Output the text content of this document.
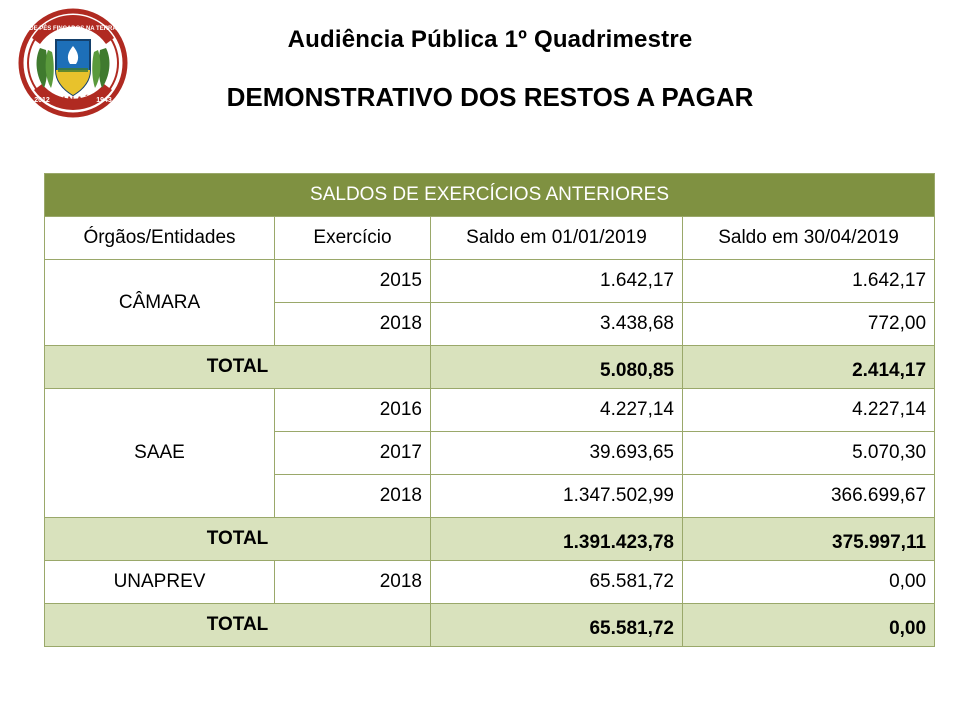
U N A Í
2012	1943
DE PÉS FINCADOS NA TERRA	Audiência Pública 1º Quadrimestre
DEMONSTRATIVO DOS RESTOS A PAGAR
SALDOS DE EXERCÍCIOS ANTERIORES			
Órgãos/Entidades	Exercício	Saldo em 01/01/2019	Saldo em 30/04/2019
CÂMARA	2015	1.642,17	1.642,17
	2018	3.438,68	772,00
TOTAL		5.080,85	2.414,17
SAAE	2016	4.227,14	4.227,14
	2017	39.693,65	5.070,30
	2018	1.347.502,99	366.699,67
TOTAL		1.391.423,78	375.997,11
UNAPREV	2018	65.581,72	0,00
TOTAL		65.581,72	0,00
